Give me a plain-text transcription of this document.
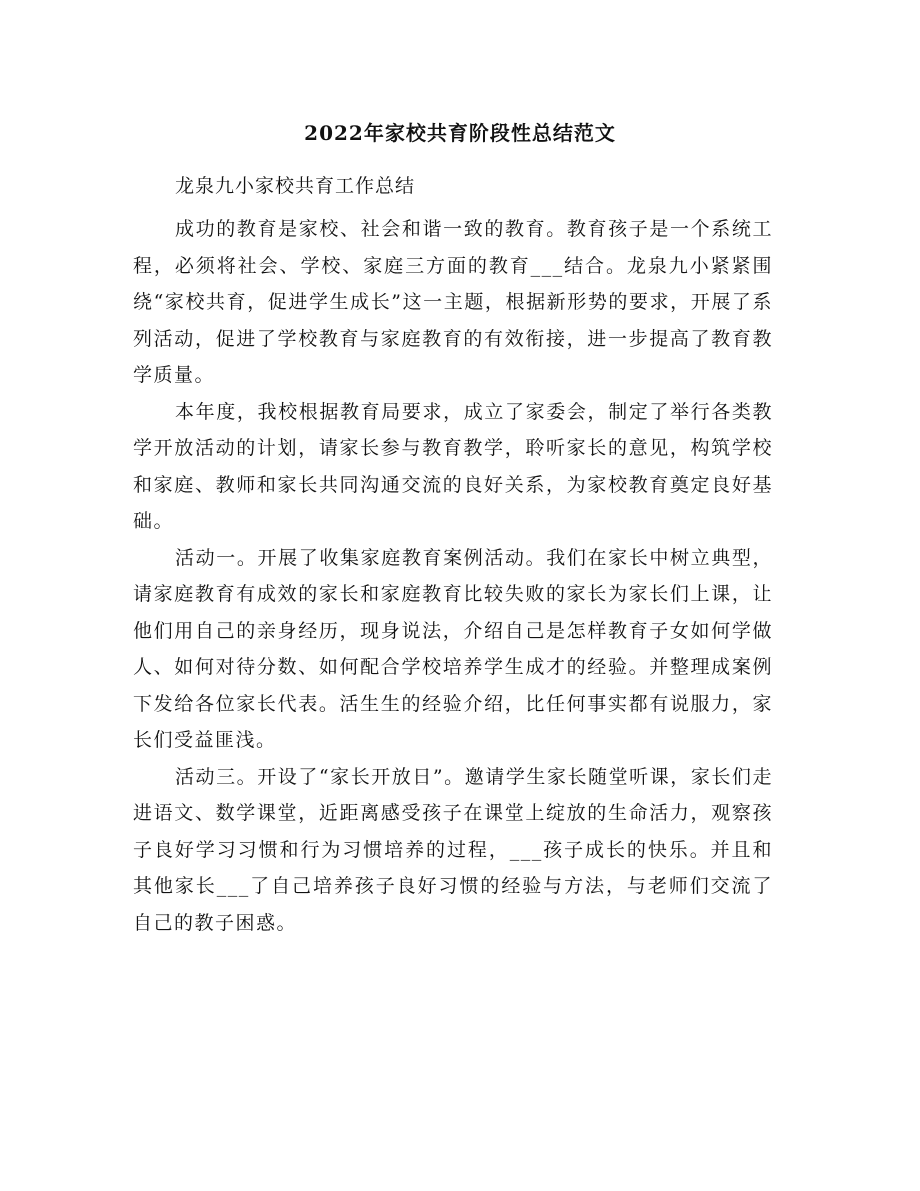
2022年家校共育阶段性总结范文
龙泉九小家校共育工作总结

成功的教育是家校、社会和谐一致的教育。教育孩子是一个系统工程，必须将社会、学校、家庭三方面的教育___结合。龙泉九小紧紧围绕“家校共育，促进学生成长”这一主题，根据新形势的要求，开展了系列活动，促进了学校教育与家庭教育的有效衔接，进一步提高了教育教学质量。

本年度，我校根据教育局要求，成立了家委会，制定了举行各类教学开放活动的计划，请家长参与教育教学，聆听家长的意见，构筑学校和家庭、教师和家长共同沟通交流的良好关系，为家校教育奠定良好基础。

活动一。开展了收集家庭教育案例活动。我们在家长中树立典型，请家庭教育有成效的家长和家庭教育比较失败的家长为家长们上课，让他们用自己的亲身经历，现身说法，介绍自己是怎样教育子女如何学做人、如何对待分数、如何配合学校培养学生成才的经验。并整理成案例下发给各位家长代表。活生生的经验介绍，比任何事实都有说服力，家长们受益匪浅。

活动三。开设了“家长开放日”。邀请学生家长随堂听课，家长们走进语文、数学课堂，近距离感受孩子在课堂上绽放的生命活力，观察孩子良好学习习惯和行为习惯培养的过程，___孩子成长的快乐。并且和其他家长___了自己培养孩子良好习惯的经验与方法，与老师们交流了自己的教子困惑。
